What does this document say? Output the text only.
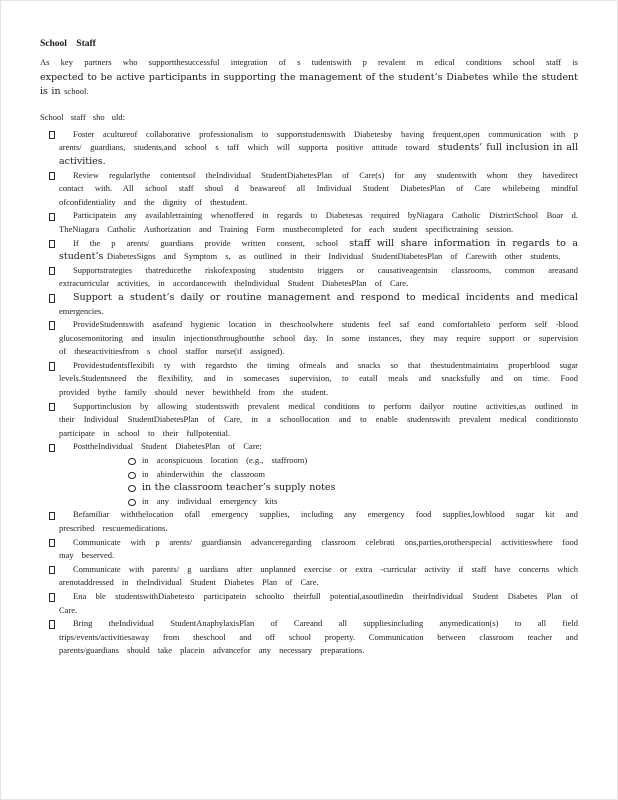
School Staff

As key partners who supportthesuccessful integration of s tudentswith p revalent m edical conditions school staff is expected to be active participants in supporting the management of the student’s Diabetes while the student is in school.

School staff sho uld:

Foster acultureof collaborative professionalism to supportstudentswith Diabetesby having frequent,open communication with p arents/ guardians, students,and school s taff which will supporta positive attitude toward students’ full inclusion in all activities.
Review regularlythe contentsof theIndividual StudentDiabetesPlan of Care(s) for any studentwith whom they havedirect contact with. All school staff shoul d beawareof all Individual Student DiabetesPlan of Care whilebeing mindful ofconfidentiality and the dignity of thestudent.
Participatein any availabletraining whenoffered in regards to Diabetesas required byNiagara Catholic DistrictSchool Boar d. TheNiagara Catholic Authorization and Training Form mustbecompleted for each student specifictraining session.
If the p arents/ guardians provide written consent, school staff will share information in regards to a student’s DiabetesSigns and Symptom s, as outlined in their Individual StudentDiabetesPlan of Carewith other students.
Supportstrategies thatreducethe riskofexposing studentsto triggers or causativeagentsin classrooms, common areasand extracurricular activities, in accordancewith theIndividual Student DiabetesPlan of Care.
Support a student’s daily or routine management and respond to medical incidents and medical emergencies.
ProvideStudentswith asafeand hygienic location in theschoolwhere students feel saf eand comfortableto perform self -blood glucosemonitoring and insulin injectionsthroughoutthe school day. In some instances, they may require support or supervision of theseactivitiesfrom s chool staffor nurse(if assigned).
Providestudentsflexibili ty with regardsto the timing ofmeals and snacks so that thestudentmaintains properblood sugar levels.Studentsneed the flexibility, and in somecases supervision, to eatall meals and snacksfully and on time. Food provided bythe family should never bewithheld from the student.
Supportinclusion by allowing studentswith prevalent medical conditions to perform dailyor routine activities,as outlined in their Individual StudentDiabetesPlan of Care, in a schoollocation and to enable studentswith prevalent medical conditionsto participate in school to their fullpotential.
PosttheIndividual Student DiabetesPlan of Care:
in aconspicuous location (e.g., staffroom)
in abinderwithin the classroom
in the classroom teacher’s supply notes
in any individual emergency kits
Befamiliar withthelocation ofall emergency supplies, including any emergency food supplies,lowblood sugar kit and prescribed rescuemedications.
Communicate with p arents/ guardiansin advanceregarding classroom celebrati ons,parties,orotherspecial activitieswhere food may beserved.
Communicate with parents/ g uardians after unplanned exercise or extra -curricular activity if staff have concerns which arenotaddressed in theIndividual Student Diabetes Plan of Care.
Ena ble studentswithDiabetesto participatein schoolto theirfull potential,asoutlinedin theirIndividual Student Diabetes Plan of Care.
Bring theIndividual StudentAnaphylaxisPlan of Careand all suppliesincluding anymedication(s) to all field trips/events/activitiesaway from theschool and off school property. Communication between classroom teacher and parents/guardians should take placein advancefor any necessary preparations.
